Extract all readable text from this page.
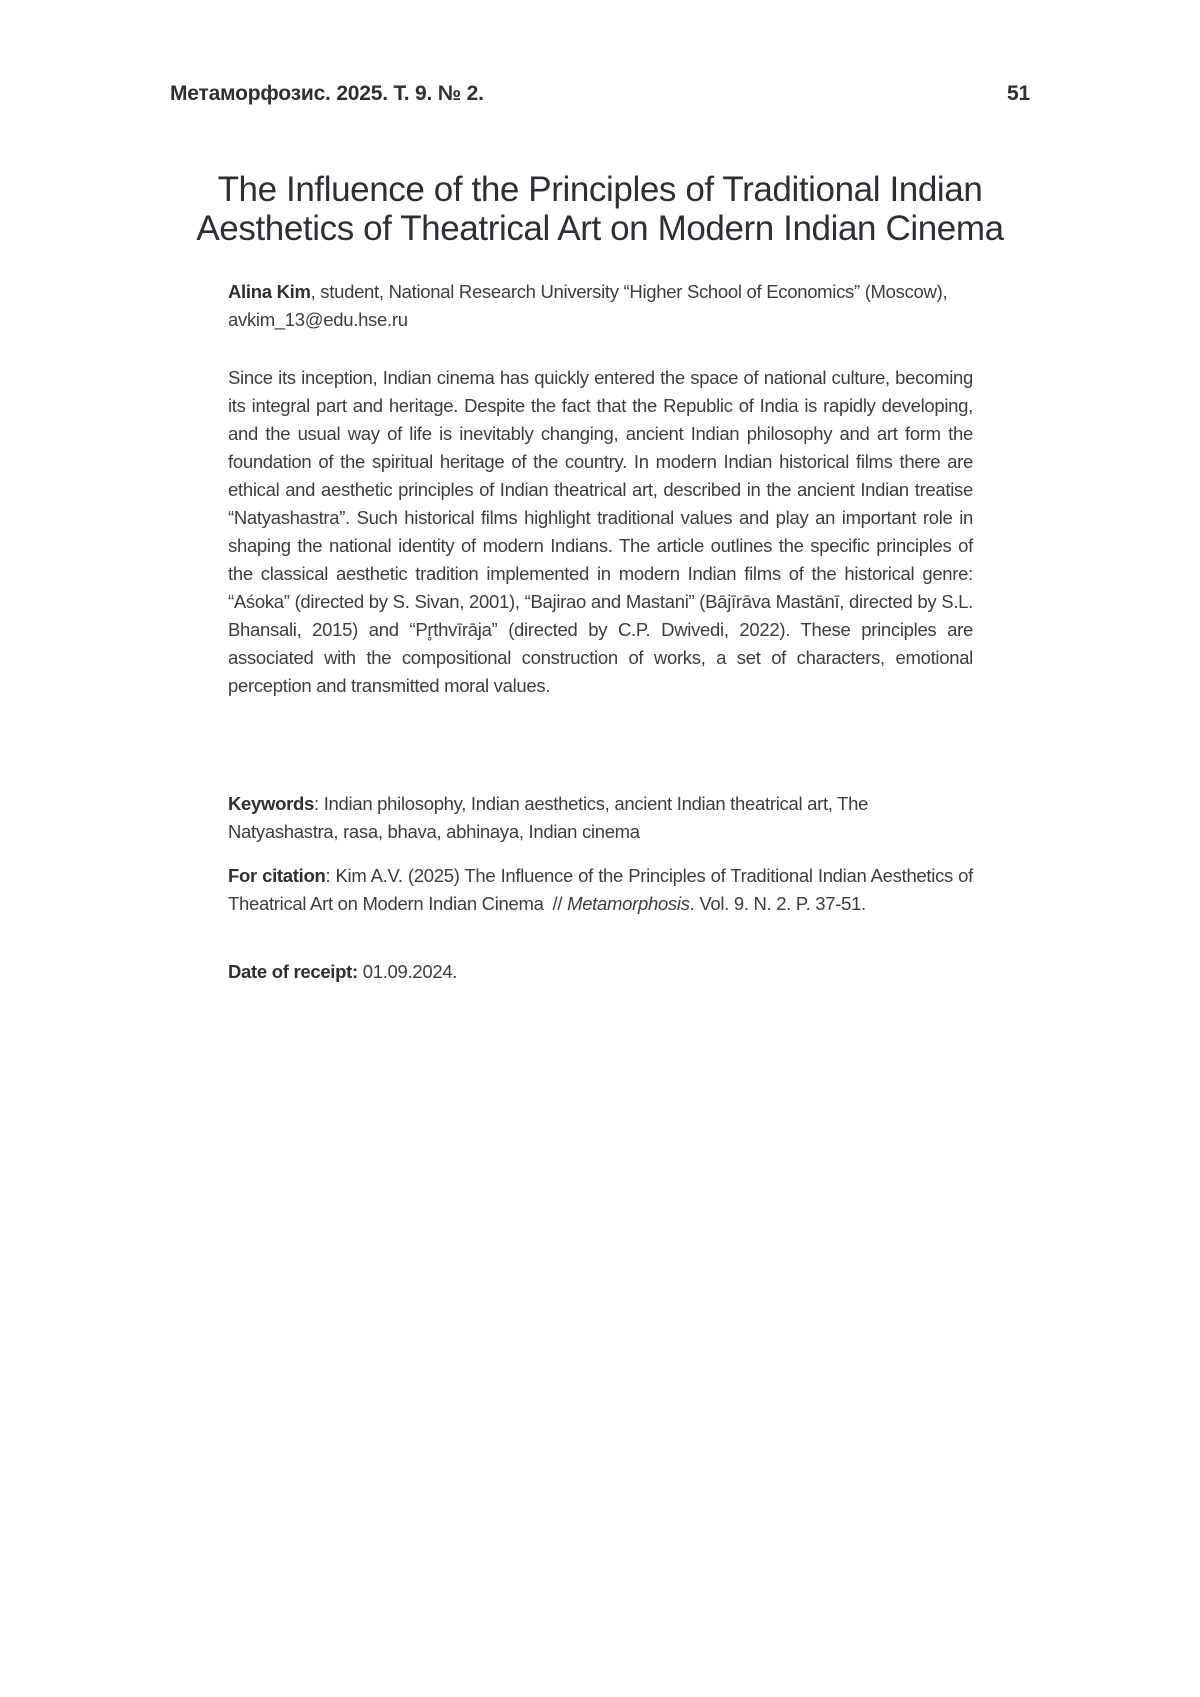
Метаморфозис. 2025. Т. 9. № 2.	51
The Influence of the Principles of Traditional Indian
Aesthetics of Theatrical Art on Modern Indian Cinema

Alina Kim, student, National Research University “Higher School of Economics” (Moscow), avkim_13@edu.hse.ru

Since its inception, Indian cinema has quickly entered the space of national culture, becoming its integral part and heritage. Despite the fact that the Republic of India is rapidly developing, and the usual way of life is inevitably changing, ancient Indian philosophy and art form the foundation of the spiritual heritage of the country. In modern Indian historical films there are ethical and aesthetic principles of Indian theatrical art, described in the ancient Indian treatise “Natyashastra”. Such historical films highlight traditional values and play an important role in shaping the national identity of modern Indians. The article outlines the specific principles of the classical aesthetic tradition implemented in modern Indian films of the historical genre: “Aśoka” (directed by S. Sivan, 2001), “Bajirao and Mastani” (Bājīrāva Mastānī, directed by S.L. Bhansali, 2015) and “Pr̥thvīrāja” (directed by C.P. Dwivedi, 2022). These principles are associated with the compositional construction of works, a set of characters, emotional perception and transmitted moral values.

Keywords: Indian philosophy, Indian aesthetics, ancient Indian theatrical art, The Natyashastra, rasa, bhava, abhinaya, Indian cinema

For citation: Kim A.V. (2025) The Influence of the Principles of Traditional Indian Aesthetics of Theatrical Art on Modern Indian Cinema // Metamorphosis. Vol. 9. N. 2. P. 37-51.

Date of receipt: 01.09.2024.
